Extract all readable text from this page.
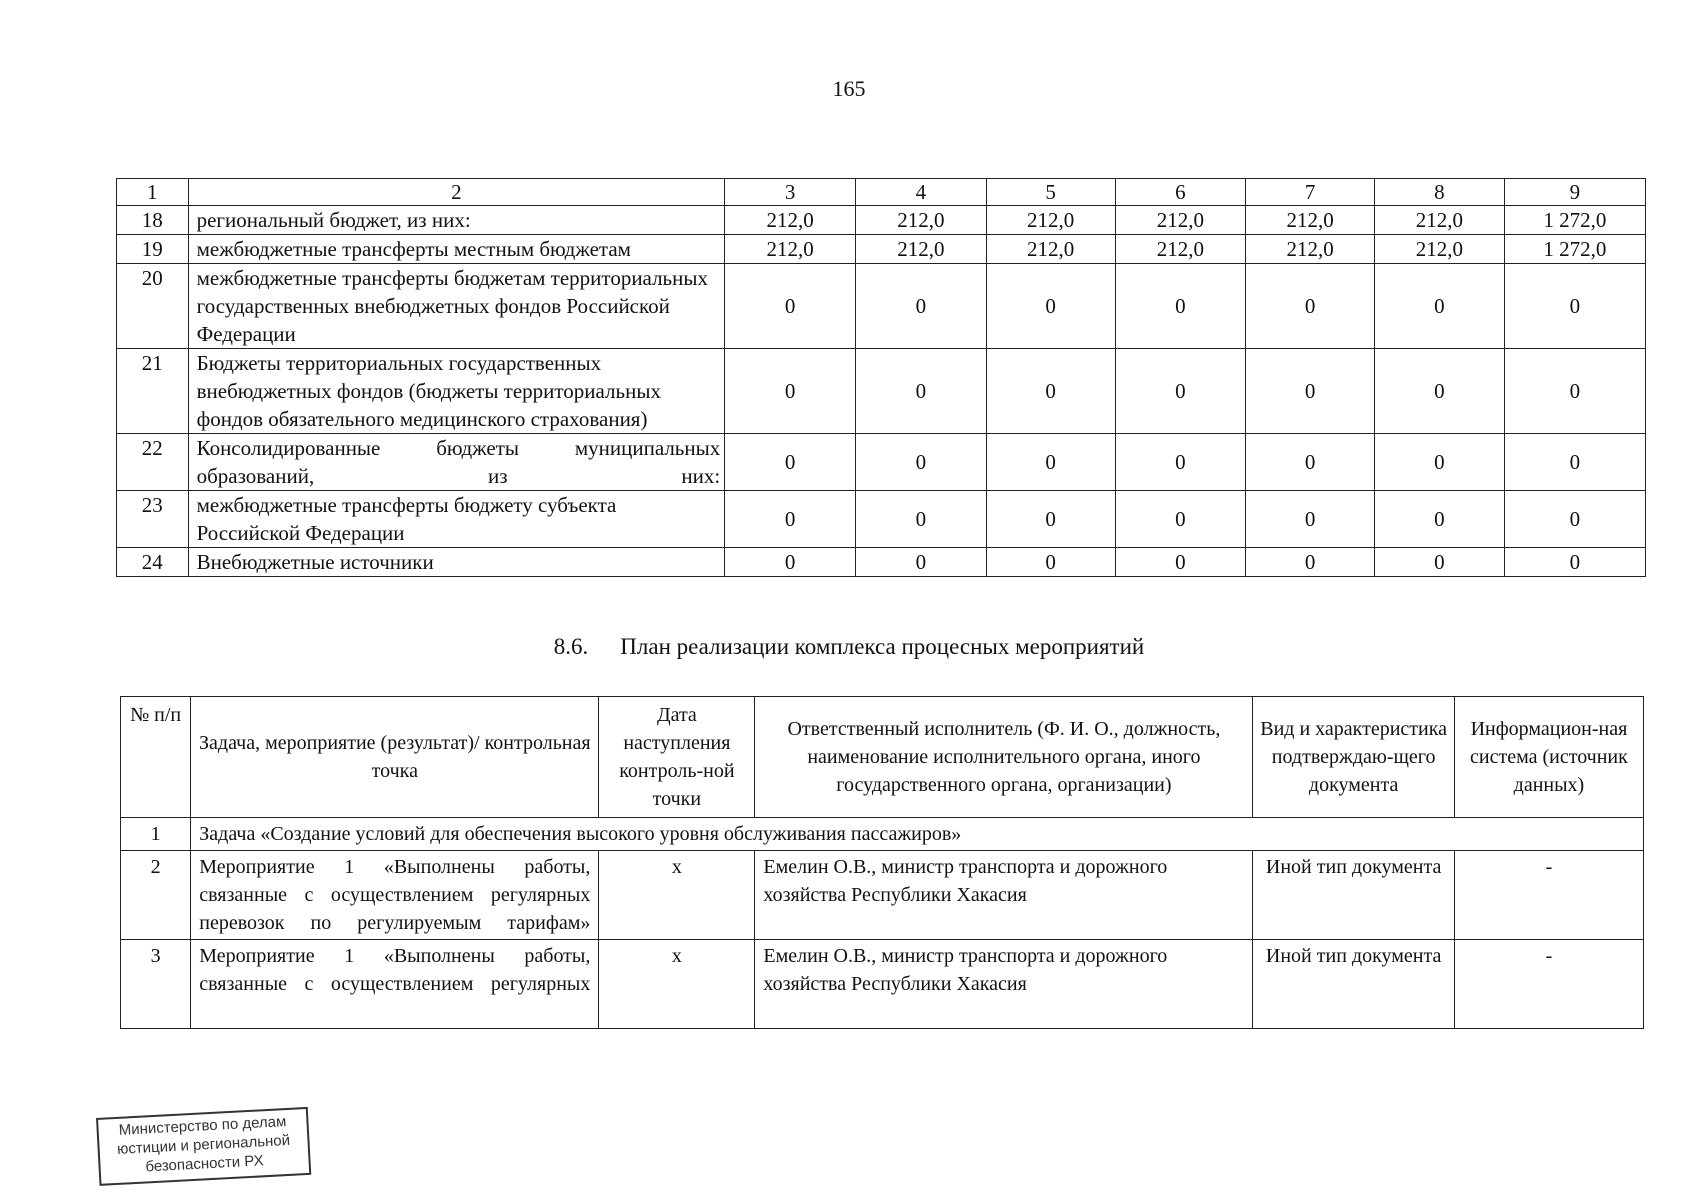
165
1	2	3	4	5	6	7	8	9
18	региональный бюджет, из них:	212,0	212,0	212,0	212,0	212,0	212,0	1 272,0
19	межбюджетные трансферты местным бюджетам	212,0	212,0	212,0	212,0	212,0	212,0	1 272,0
20	межбюджетные трансферты бюджетам территориальных государственных внебюджетных фондов Российской Федерации	0	0	0	0	0	0	0
21	Бюджеты территориальных государственных внебюджетных фондов (бюджеты территориальных фондов обязательного медицинского страхования)	0	0	0	0	0	0	0
22	Консолидированные бюджеты муниципальных образований, из них:	0	0	0	0	0	0	0
23	межбюджетные трансферты бюджету субъекта Российской Федерации	0	0	0	0	0	0	0
24	Внебюджетные источники	0	0	0	0	0	0	0
8.6. План реализации комплекса процесных мероприятий
№ п/п	Задача, мероприятие (результат)/ контрольная точка	Дата наступления контроль-ной точки	Ответственный исполнитель (Ф. И. О., должность, наименование исполнительного органа, иного государственного органа, организации)	Вид и характеристика подтверждаю-щего документа	Информацион-ная система (источник данных)
1	Задача «Создание условий для обеспечения высокого уровня обслуживания пассажиров»				
2	Мероприятие 1 «Выполнены работы, связанные с осуществлением регулярных перевозок по регулируемым тарифам»	x	Емелин О.В., министр транспорта и дорожного хозяйства Республики Хакасия	Иной тип документа	-
3	Мероприятие 1 «Выполнены работы, связанные с осуществлением регулярных	x	Емелин О.В., министр транспорта и дорожного хозяйства Республики Хакасия	Иной тип документа	-
Министерство по делам
юстиции и региональной
безопасности РХ
